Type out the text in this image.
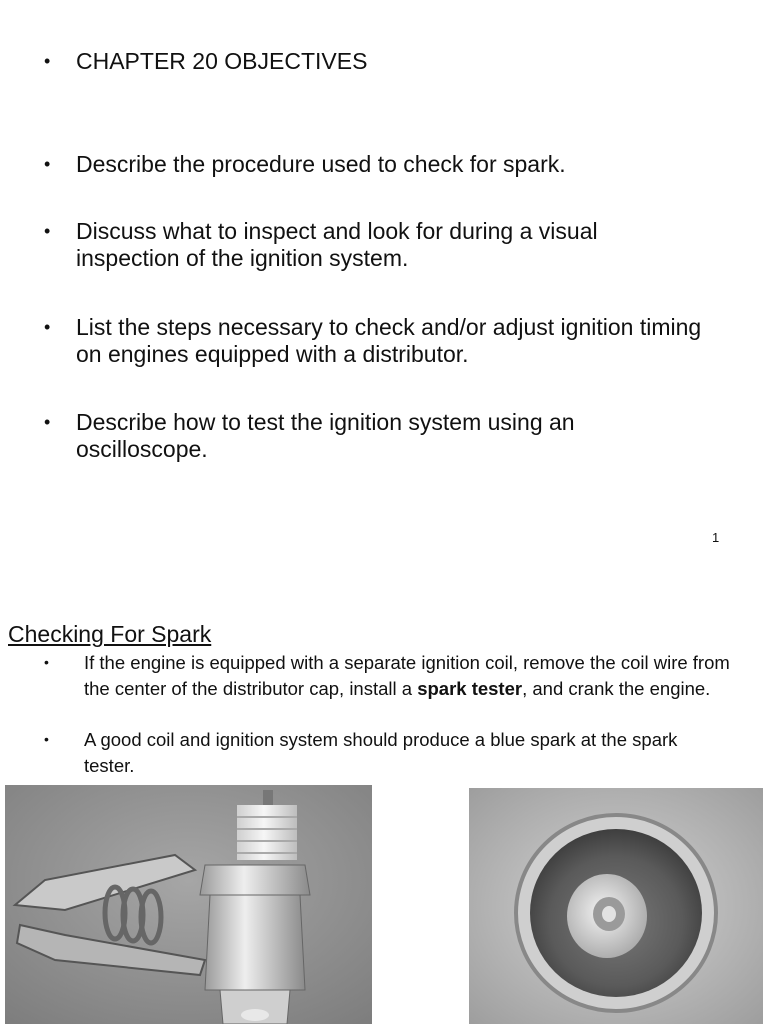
•	CHAPTER 20 OBJECTIVES
•	Describe the procedure used to check for spark.
•	Discuss what to inspect and look for during a visual inspection of the ignition system.
•	List the steps necessary to check and/or adjust ignition timing on engines equipped with a distributor.
•	Describe how to test the ignition system using an oscilloscope.
1
Checking For Spark
•	If the engine is equipped with a separate ignition coil, remove the coil wire from the center of the distributor cap, install a spark tester, and crank the engine.
•	A good coil and ignition system should produce a blue spark at the spark tester.
